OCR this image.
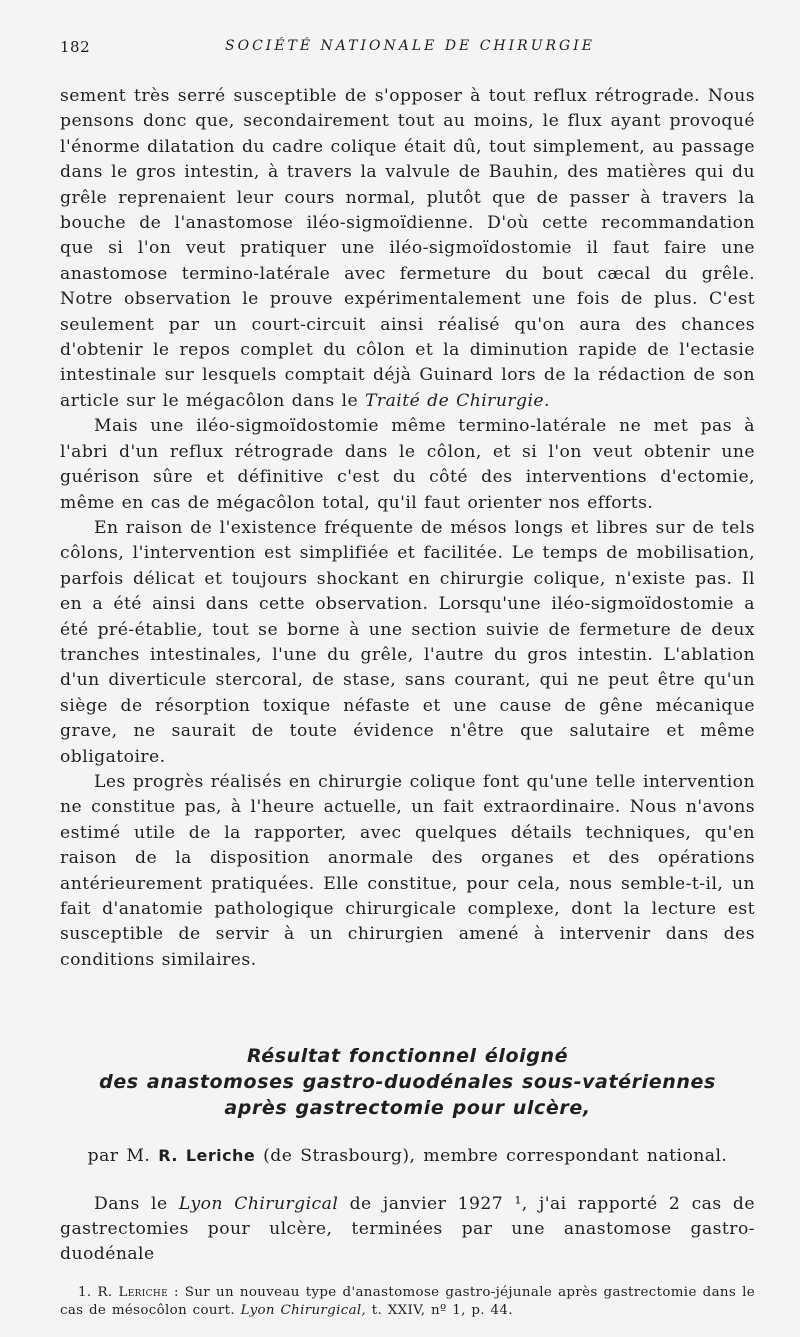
182	SOCIÉTÉ NATIONALE DE CHIRURGIE

sement très serré susceptible de s'opposer à tout reflux rétrograde. Nous pensons donc que, secondairement tout au moins, le flux ayant provoqué l'énorme dilatation du cadre colique était dû, tout simplement, au passage dans le gros intestin, à travers la valvule de Bauhin, des matières qui du grêle reprenaient leur cours normal, plutôt que de passer à travers la bouche de l'anastomose iléo-sigmoïdienne. D'où cette recommandation que si l'on veut pratiquer une iléo-sigmoïdostomie il faut faire une anastomose termino-latérale avec fermeture du bout cæcal du grêle. Notre observation le prouve expérimentalement une fois de plus. C'est seulement par un court-circuit ainsi réalisé qu'on aura des chances d'obtenir le repos complet du côlon et la diminution rapide de l'ectasie intestinale sur lesquels comptait déjà Guinard lors de la rédaction de son article sur le mégacôlon dans le Traité de Chirurgie.

Mais une iléo-sigmoïdostomie même termino-latérale ne met pas à l'abri d'un reflux rétrograde dans le côlon, et si l'on veut obtenir une guérison sûre et définitive c'est du côté des interventions d'ectomie, même en cas de mégacôlon total, qu'il faut orienter nos efforts.

En raison de l'existence fréquente de mésos longs et libres sur de tels côlons, l'intervention est simplifiée et facilitée. Le temps de mobilisation, parfois délicat et toujours shockant en chirurgie colique, n'existe pas. Il en a été ainsi dans cette observation. Lorsqu'une iléo-sigmoïdostomie a été pré-établie, tout se borne à une section suivie de fermeture de deux tranches intestinales, l'une du grêle, l'autre du gros intestin. L'ablation d'un diverticule stercoral, de stase, sans courant, qui ne peut être qu'un siège de résorption toxique néfaste et une cause de gêne mécanique grave, ne saurait de toute évidence n'être que salutaire et même obligatoire.

Les progrès réalisés en chirurgie colique font qu'une telle intervention ne constitue pas, à l'heure actuelle, un fait extraordinaire. Nous n'avons estimé utile de la rapporter, avec quelques détails techniques, qu'en raison de la disposition anormale des organes et des opérations antérieurement pratiquées. Elle constitue, pour cela, nous semble-t-il, un fait d'anatomie pathologique chirurgicale complexe, dont la lecture est susceptible de servir à un chirurgien amené à intervenir dans des conditions similaires.

Résultat fonctionnel éloigné
des anastomoses gastro-duodénales sous-vatériennes
après gastrectomie pour ulcère,

par M. R. Leriche (de Strasbourg), membre correspondant national.

Dans le Lyon Chirurgical de janvier 1927 ¹, j'ai rapporté 2 cas de gastrectomies pour ulcère, terminées par une anastomose gastro-duodénale

1. R. Leriche : Sur un nouveau type d'anastomose gastro-jéjunale après gastrectomie dans le cas de mésocôlon court. Lyon Chirurgical, t. XXIV, nº 1, p. 44.
